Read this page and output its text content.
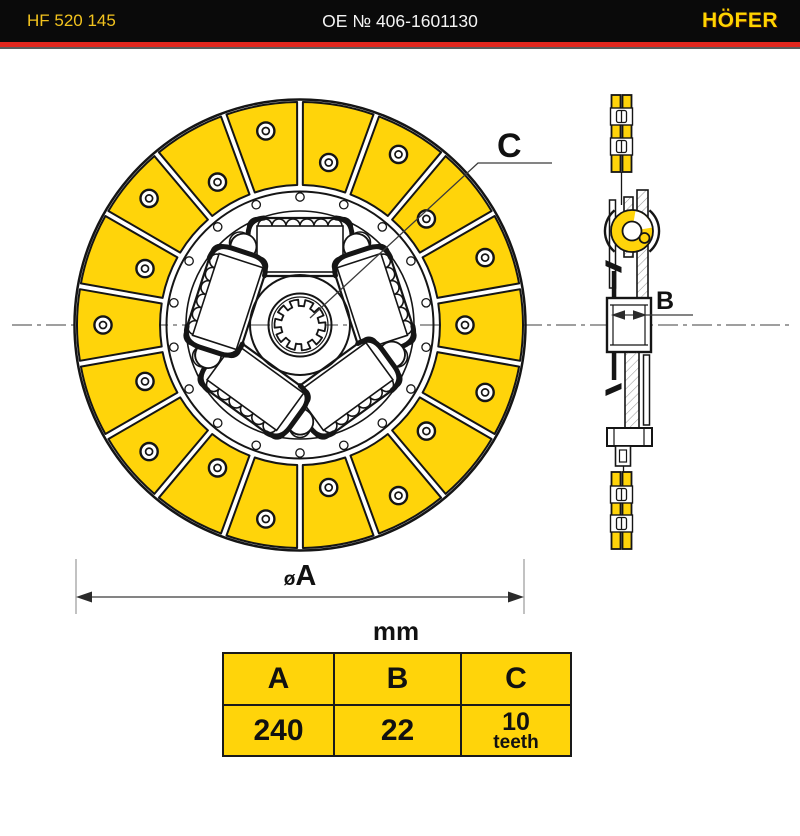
HF 520 145	OE № 406-1601130	HÖFER
C
øA
B
mm
A	B	C
240	22	10
teeth
